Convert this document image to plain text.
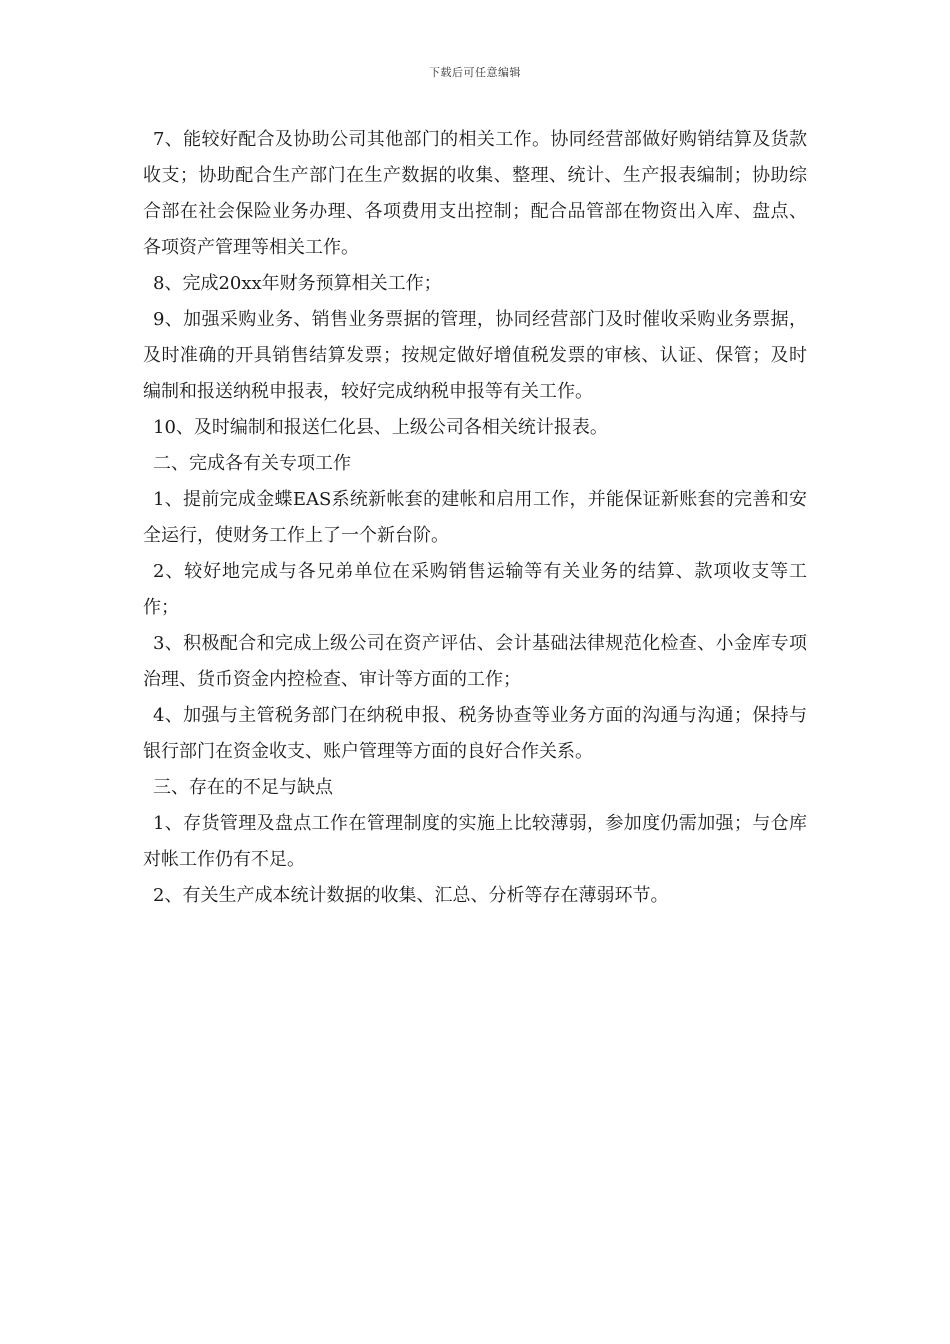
下载后可任意编辑

7、能较好配合及协助公司其他部门的相关工作。协同经营部做好购销结算及货款收支；协助配合生产部门在生产数据的收集、整理、统计、生产报表编制；协助综合部在社会保险业务办理、各项费用支出控制；配合品管部在物资出入库、盘点、各项资产管理等相关工作。

8、完成20xx年财务预算相关工作；

9、加强采购业务、销售业务票据的管理，协同经营部门及时催收采购业务票据，及时准确的开具销售结算发票；按规定做好增值税发票的审核、认证、保管；及时编制和报送纳税申报表，较好完成纳税申报等有关工作。

10、及时编制和报送仁化县、上级公司各相关统计报表。

二、完成各有关专项工作

1、提前完成金蝶EAS系统新帐套的建帐和启用工作，并能保证新账套的完善和安全运行，使财务工作上了一个新台阶。

2、较好地完成与各兄弟单位在采购销售运输等有关业务的结算、款项收支等工作；

3、积极配合和完成上级公司在资产评估、会计基础法律规范化检查、小金库专项治理、货币资金内控检查、审计等方面的工作；

4、加强与主管税务部门在纳税申报、税务协查等业务方面的沟通与沟通；保持与银行部门在资金收支、账户管理等方面的良好合作关系。

三、存在的不足与缺点

1、存货管理及盘点工作在管理制度的实施上比较薄弱，参加度仍需加强；与仓库对帐工作仍有不足。

2、有关生产成本统计数据的收集、汇总、分析等存在薄弱环节。
